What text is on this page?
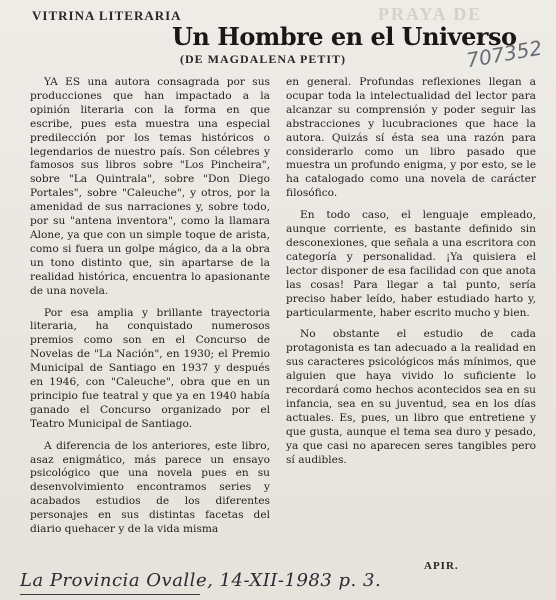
PRAYA DE
VITRINA LITERARIA
Un Hombre en el Universo
(DE MAGDALENA PETIT)	707352

YA ES una autora consagrada por sus producciones que han impactado a la opinión literaria con la forma en que escribe, pues esta muestra una especial predilección por los temas históricos o legendarios de nuestro país. Son célebres y famosos sus libros sobre "Los Pincheira", sobre "La Quintrala", sobre "Don Diego Portales", sobre "Caleuche", y otros, por la amenidad de sus narraciones y, sobre todo, por su "antena inventora", como la llamara Alone, ya que con un simple toque de arista, como si fuera un golpe mágico, da a la obra un tono distinto que, sin apartarse de la realidad histórica, encuentra lo apasionante de una novela.

Por esa amplia y brillante trayectoria literaria, ha conquistado numerosos premios como son en el Concurso de Novelas de "La Nación", en 1930; el Premio Municipal de Santiago en 1937 y después en 1946, con "Caleuche", obra que en un principio fue teatral y que ya en 1940 había ganado el Concurso organizado por el Teatro Municipal de Santiago.

A diferencia de los anteriores, este libro, asaz enigmático, más parece un ensayo psicológico que una novela pues en su desenvolvimiento encontramos series y acabados estudios de los diferentes personajes en sus distintas facetas del diario quehacer y de la vida misma

en general. Profundas reflexiones llegan a ocupar toda la intelectualidad del lector para alcanzar su comprensión y poder seguir las abstracciones y lucubraciones que hace la autora. Quizás sí ésta sea una razón para considerarlo como un libro pasado que muestra un profundo enigma, y por esto, se le ha catalogado como una novela de carácter filosófico.

En todo caso, el lenguaje empleado, aunque corriente, es bastante definido sin desconexiones, que señala a una escritora con categoría y personalidad. ¡Ya quisiera el lector disponer de esa facilidad con que anota las cosas! Para llegar a tal punto, sería preciso haber leído, haber estudiado harto y, particularmente, haber escrito mucho y bien.

No obstante el estudio de cada protagonista es tan adecuado a la realidad en sus caracteres psicológicos más mínimos, que alguien que haya vivido lo suficiente lo recordará como hechos acontecidos sea en su infancia, sea en su juventud, sea en los días actuales. Es, pues, un libro que entretiene y que gusta, aunque el tema sea duro y pesado, ya que casi no aparecen seres tangibles pero sí audibles.

APIR.
La Provincia Ovalle, 14-XII-1983 p. 3.
